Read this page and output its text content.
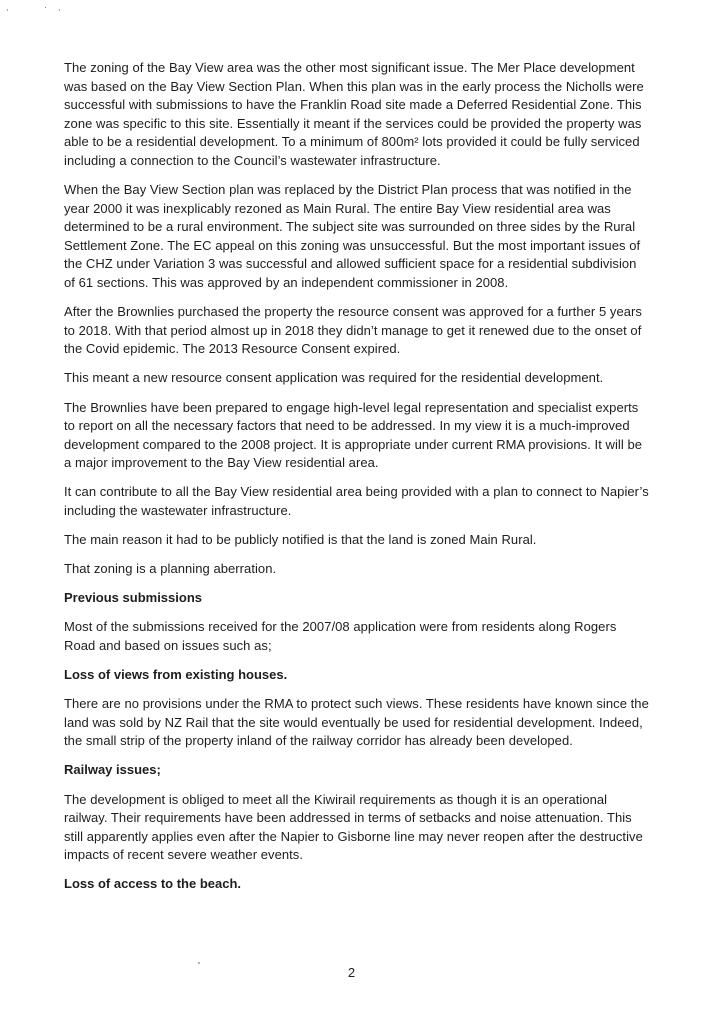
,	· ,

The zoning of the Bay View area was the other most significant issue. The Mer Place development was based on the Bay View Section Plan. When this plan was in the early process the Nicholls were successful with submissions to have the Franklin Road site made a Deferred Residential Zone. This zone was specific to this site. Essentially it meant if the services could be provided the property was able to be a residential development. To a minimum of 800m² lots provided it could be fully serviced including a connection to the Council’s wastewater infrastructure.

When the Bay View Section plan was replaced by the District Plan process that was notified in the year 2000 it was inexplicably rezoned as Main Rural. The entire Bay View residential area was determined to be a rural environment. The subject site was surrounded on three sides by the Rural Settlement Zone. The EC appeal on this zoning was unsuccessful. But the most important issues of the CHZ under Variation 3 was successful and allowed sufficient space for a residential subdivision of 61 sections. This was approved by an independent commissioner in 2008.

After the Brownlies purchased the property the resource consent was approved for a further 5 years to 2018. With that period almost up in 2018 they didn’t manage to get it renewed due to the onset of the Covid epidemic. The 2013 Resource Consent expired.

This meant a new resource consent application was required for the residential development.

The Brownlies have been prepared to engage high-level legal representation and specialist experts to report on all the necessary factors that need to be addressed. In my view it is a much-improved development compared to the 2008 project. It is appropriate under current RMA provisions. It will be a major improvement to the Bay View residential area.

It can contribute to all the Bay View residential area being provided with a plan to connect to Napier’s including the wastewater infrastructure.

The main reason it had to be publicly notified is that the land is zoned Main Rural.

That zoning is a planning aberration.

Previous submissions

Most of the submissions received for the 2007/08 application were from residents along Rogers Road and based on issues such as;

Loss of views from existing houses.

There are no provisions under the RMA to protect such views. These residents have known since the land was sold by NZ Rail that the site would eventually be used for residential development. Indeed, the small strip of the property inland of the railway corridor has already been developed.

Railway issues;

The development is obliged to meet all the Kiwirail requirements as though it is an operational railway. Their requirements have been addressed in terms of setbacks and noise attenuation. This still apparently applies even after the Napier to Gisborne line may never reopen after the destructive impacts of recent severe weather events.

Loss of access to the beach.

2
